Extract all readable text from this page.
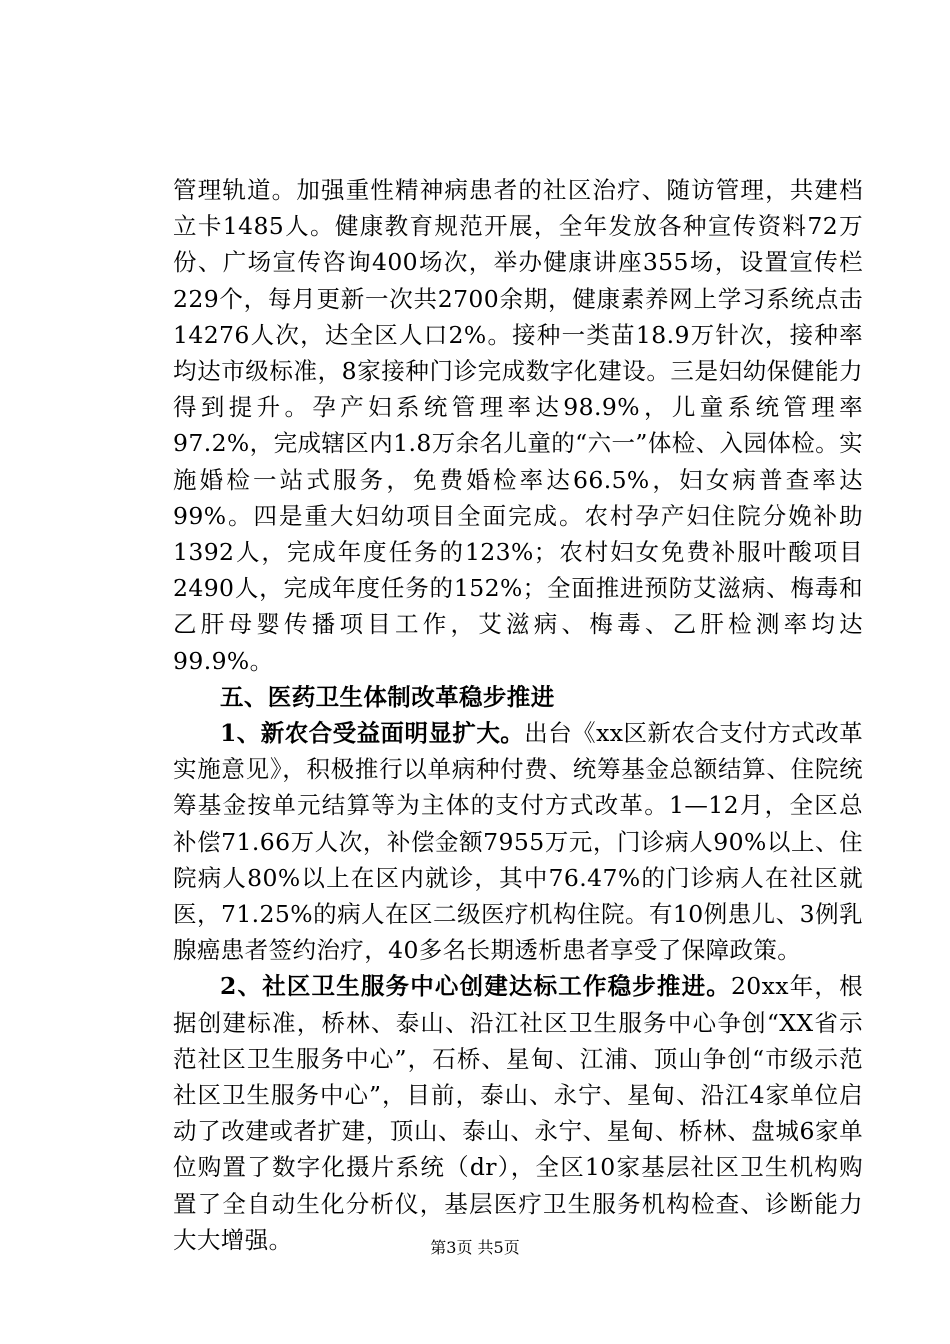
管理轨道。加强重性精神病患者的社区治疗、随访管理，共建档立卡1485人。健康教育规范开展，全年发放各种宣传资料72万份、广场宣传咨询400场次，举办健康讲座355场，设置宣传栏229个，每月更新一次共2700余期，健康素养网上学习系统点击14276人次，达全区人口2%。接种一类苗18.9万针次，接种率均达市级标准，8家接种门诊完成数字化建设。三是妇幼保健能力得到提升。孕产妇系统管理率达98.9%，儿童系统管理率97.2%，完成辖区内1.8万余名儿童的“六一”体检、入园体检。实施婚检一站式服务，免费婚检率达66.5%，妇女病普查率达99%。四是重大妇幼项目全面完成。农村孕产妇住院分娩补助1392人，完成年度任务的123%；农村妇女免费补服叶酸项目2490人，完成年度任务的152%；全面推进预防艾滋病、梅毒和乙肝母婴传播项目工作，艾滋病、梅毒、乙肝检测率均达99.9%。

五、医药卫生体制改革稳步推进

1、新农合受益面明显扩大。出台《xx区新农合支付方式改革实施意见》，积极推行以单病种付费、统筹基金总额结算、住院统筹基金按单元结算等为主体的支付方式改革。1—12月，全区总补偿71.66万人次，补偿金额7955万元，门诊病人90%以上、住院病人80%以上在区内就诊，其中76.47%的门诊病人在社区就医，71.25%的病人在区二级医疗机构住院。有10例患儿、3例乳腺癌患者签约治疗，40多名长期透析患者享受了保障政策。

2、社区卫生服务中心创建达标工作稳步推进。20xx年，根据创建标准，桥林、泰山、沿江社区卫生服务中心争创“XX省示范社区卫生服务中心”，石桥、星甸、江浦、顶山争创“市级示范社区卫生服务中心”，目前，泰山、永宁、星甸、沿江4家单位启动了改建或者扩建，顶山、泰山、永宁、星甸、桥林、盘城6家单位购置了数字化摄片系统（dr），全区10家基层社区卫生机构购置了全自动生化分析仪，基层医疗卫生服务机构检查、诊断能力大大增强。	第3页 共5页
